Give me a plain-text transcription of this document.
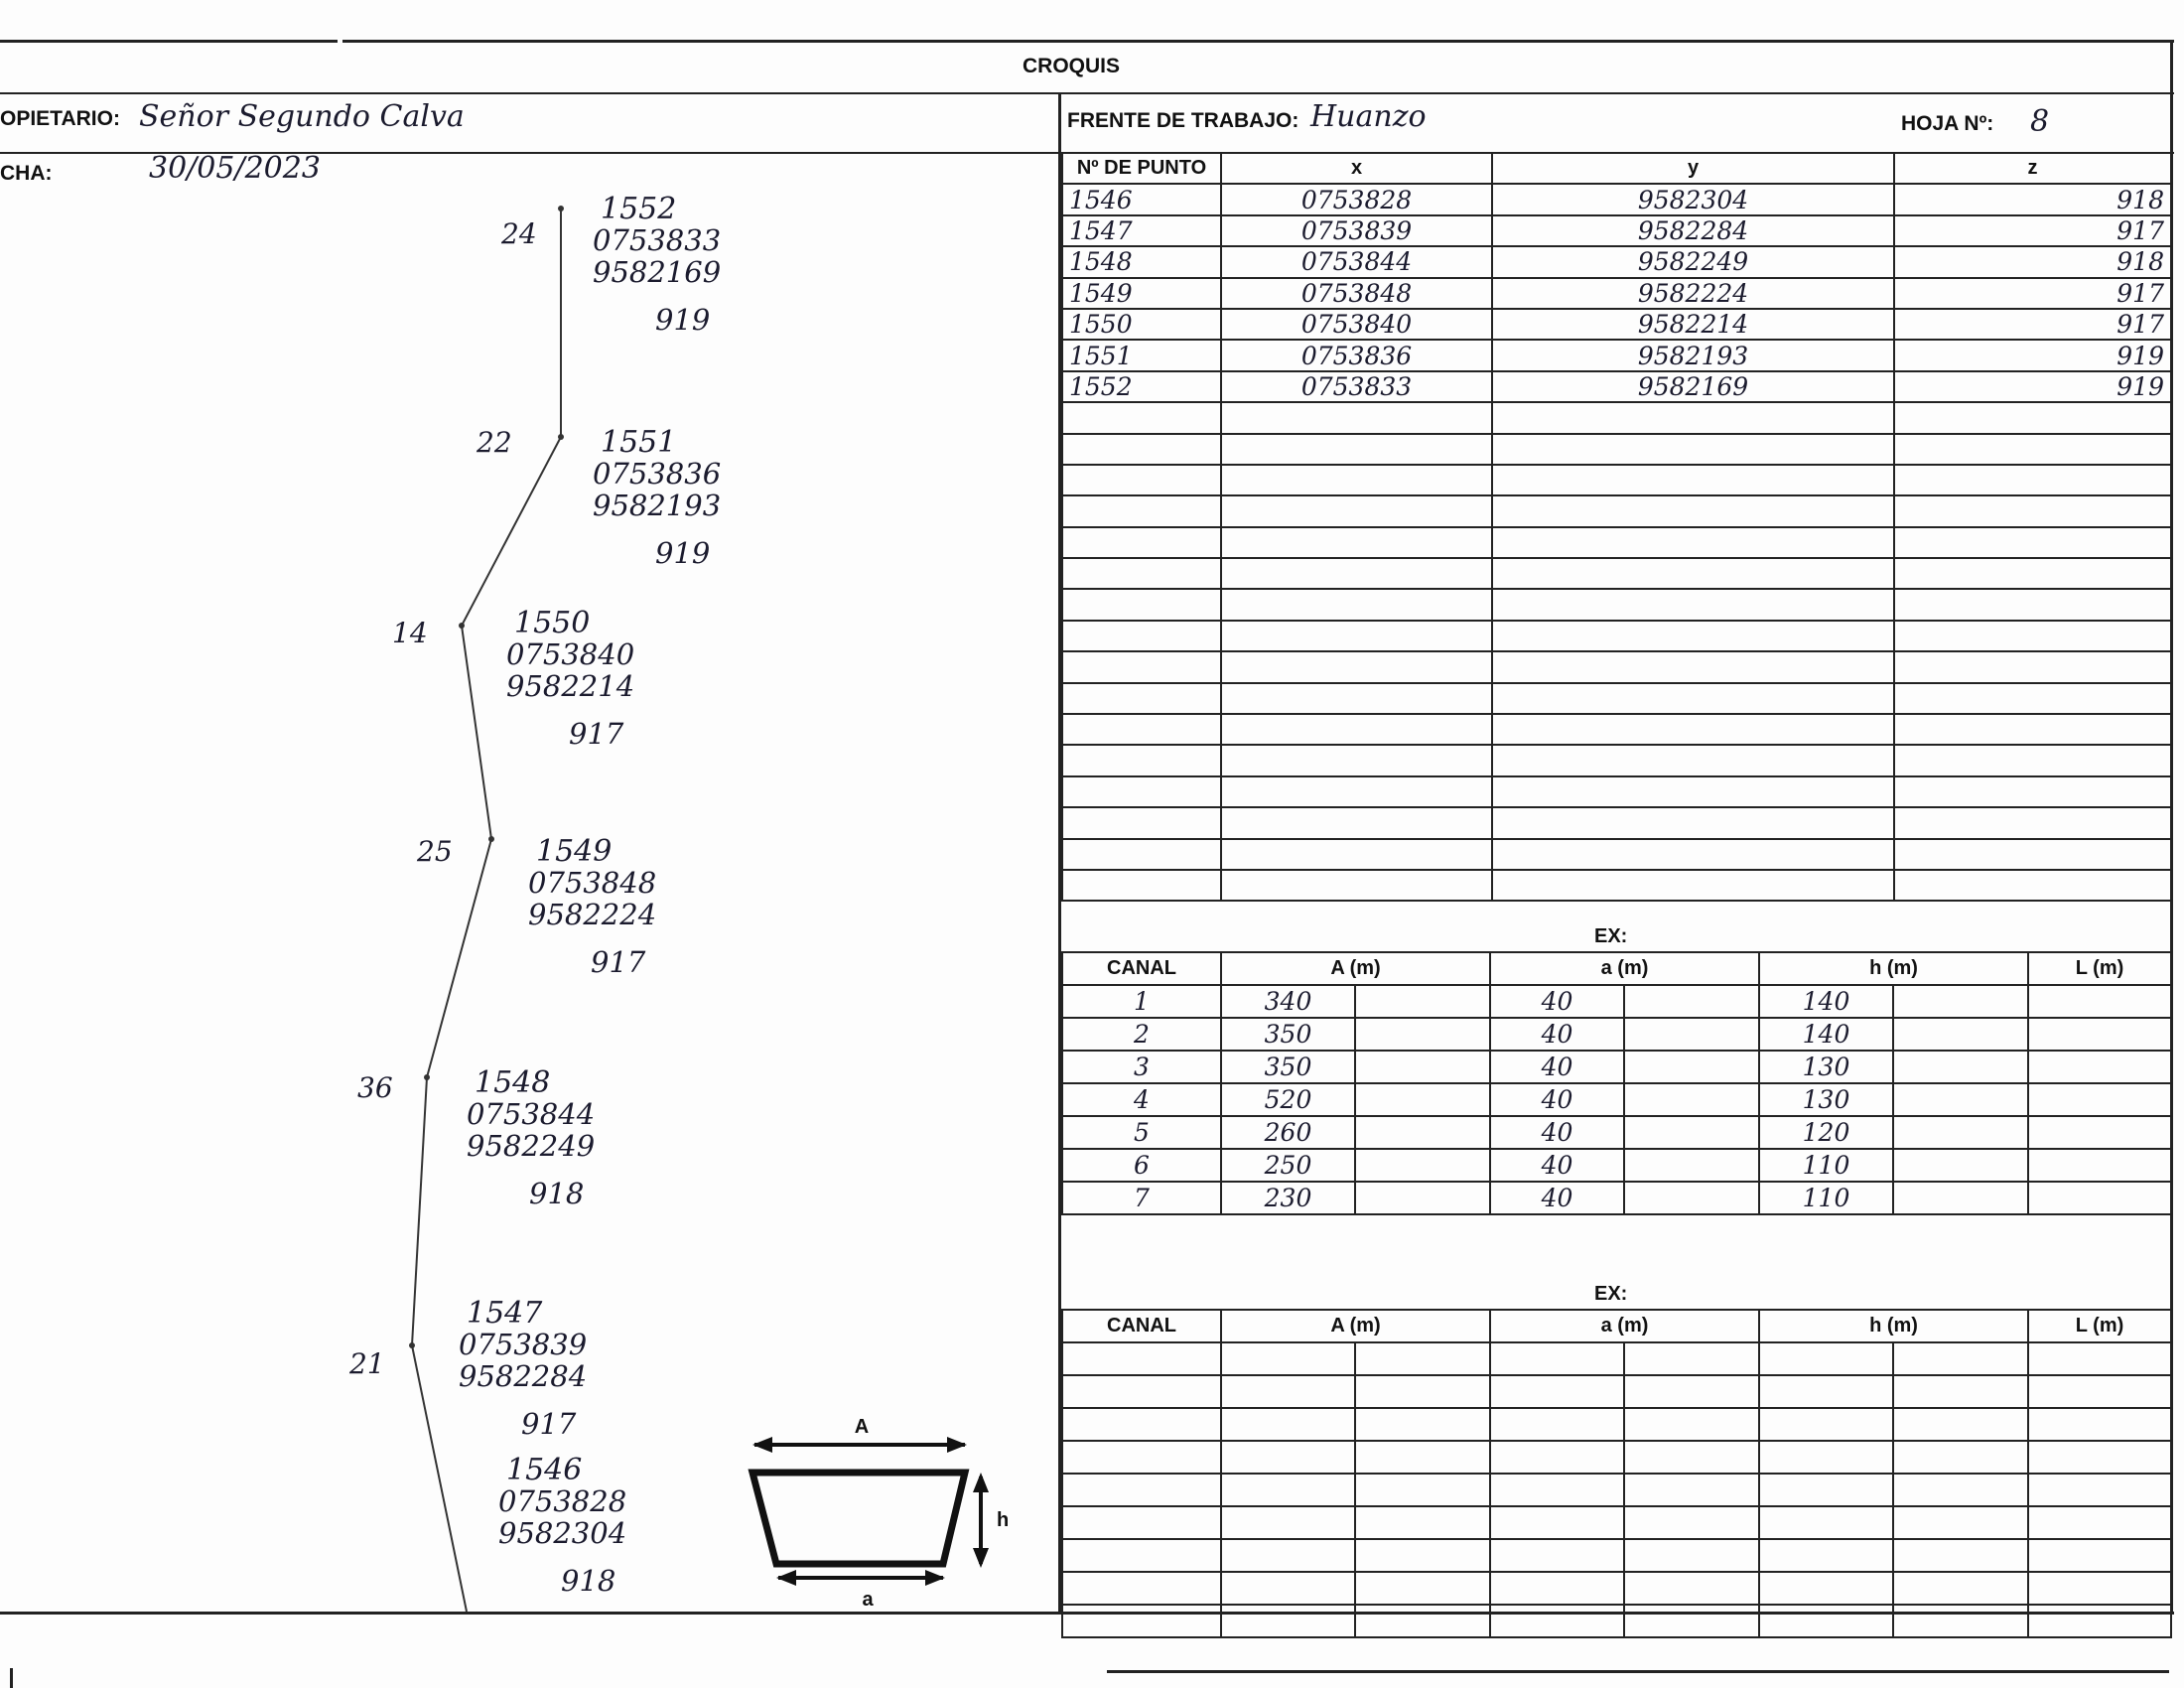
CROQUIS
OPIETARIO: Señor Segundo Calva
CHA:	30/05/2023
FRENTE DE TRABAJO: Huanzo	HOJA Nº: 8
Nº DE PUNTO	x	y	z
1546	0753828	9582304	918
1547	0753839	9582284	917
1548	0753844	9582249	918
1549	0753848	9582224	917
1550	0753840	9582214	917
1551	0753836	9582193	919
1552	0753833	9582169	919

EX:
CANAL	A (m)		a (m)		h (m)		L (m)
1	340		40		140		
2	350		40		140		
3	350		40		130		
4	520		40		130		
5	260		40		120		
6	250		40		110		
7	230		40		110		
EX:
CANAL	A (m)		a (m)		h (m)		L (m)

24
1552
0753833
9582169
919
22	1551
0753836
9582193
919
14	1550
0753840
9582214
917
25	1549
0753848
9582224
917
36	1548
0753844
9582249
918
21
1547
0753839
9582284
917
1546
0753828
9582304
918
A
a
h
